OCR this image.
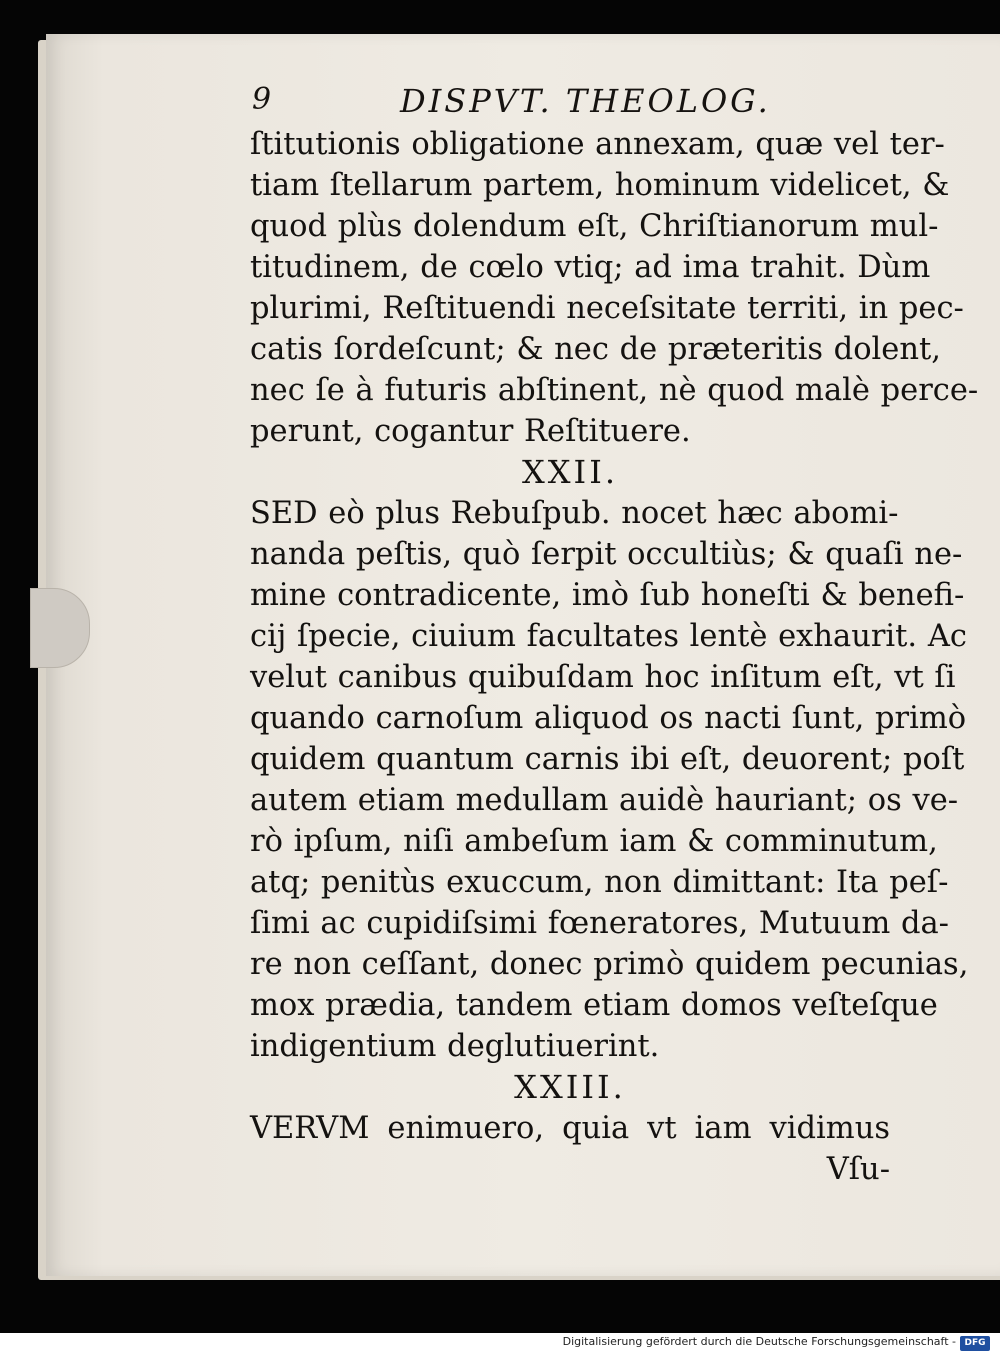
9	DISPVT. THEOLOG.
ſtitutionis obligatione annexam, quæ vel ter‑
tiam ſtellarum partem, hominum videlicet, &
quod plùs dolendum eſt, Chriſtianorum mul‑
titudinem, de cœlo vtiq; ad ima trahit. Dùm
plurimi, Reſtituendi neceſsitate territi, in pec‑
catis ſordeſcunt; & nec de præteritis dolent,
nec ſe à futuris abſtinent, nè quod malè perce‑
perunt, cogantur Reſtituere.
XXII.
SED eò plus Rebuſpub. nocet hæc abomi‑
nanda peſtis, quò ſerpit occultiùs; & quaſi ne‑
mine contradicente, imò ſub honeſti & benefi‑
cij ſpecie, ciuium facultates lentè exhaurit. Ac
velut canibus quibuſdam hoc inſitum eſt, vt ſi
quando carnoſum aliquod os nacti ſunt, primò
quidem quantum carnis ibi eſt, deuorent; poſt
autem etiam medullam auidè hauriant; os ve‑
rò ipſum, niſi ambeſum iam & comminutum,
atq; penitùs exuccum, non dimittant: Ita peſ‑
ſimi ac cupidiſsimi fœneratores, Mutuum da‑
re non ceſſant, donec primò quidem pecunias,
mox prædia, tandem etiam domos veſteſque
indigentium deglutiuerint.
XXIII.
VERVM enimuero, quia vt iam vidimus
Vſu‑
Digitalisierung gefördert durch die Deutsche Forschungsgemeinschaft - DFG
